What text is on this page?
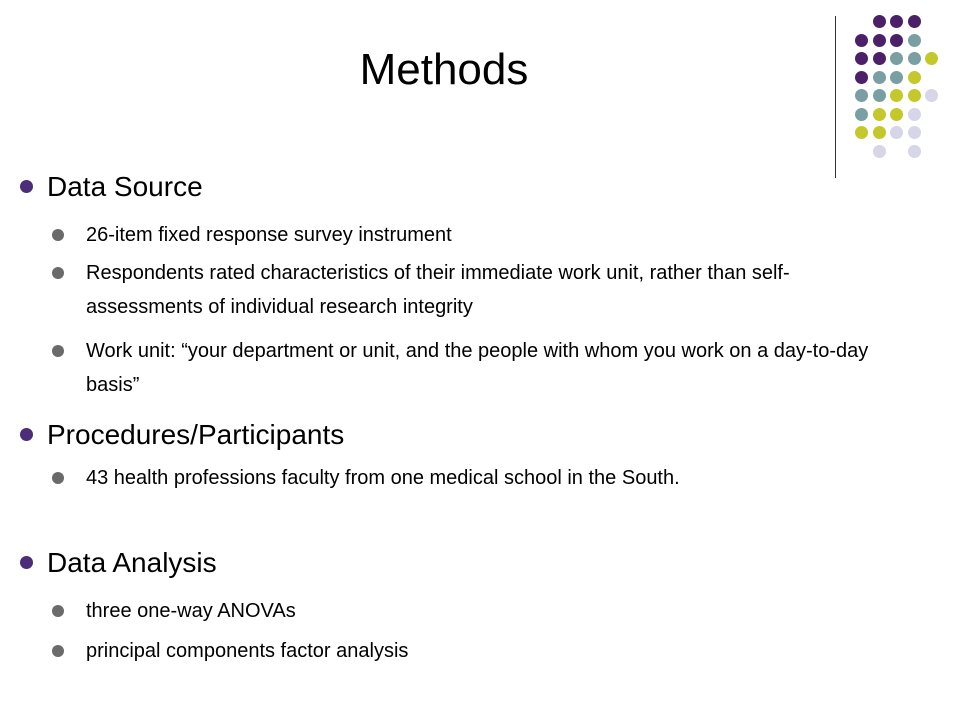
Methods
Data Source
26-item fixed response survey instrument
Respondents rated characteristics of their immediate work unit, rather than self-assessments of individual research integrity
Work unit: “your department or unit, and the people with whom you work on a day-to-day basis”
Procedures/Participants
43 health professions faculty from one medical school in the South.
Data Analysis
three one-way ANOVAs
principal components factor analysis
